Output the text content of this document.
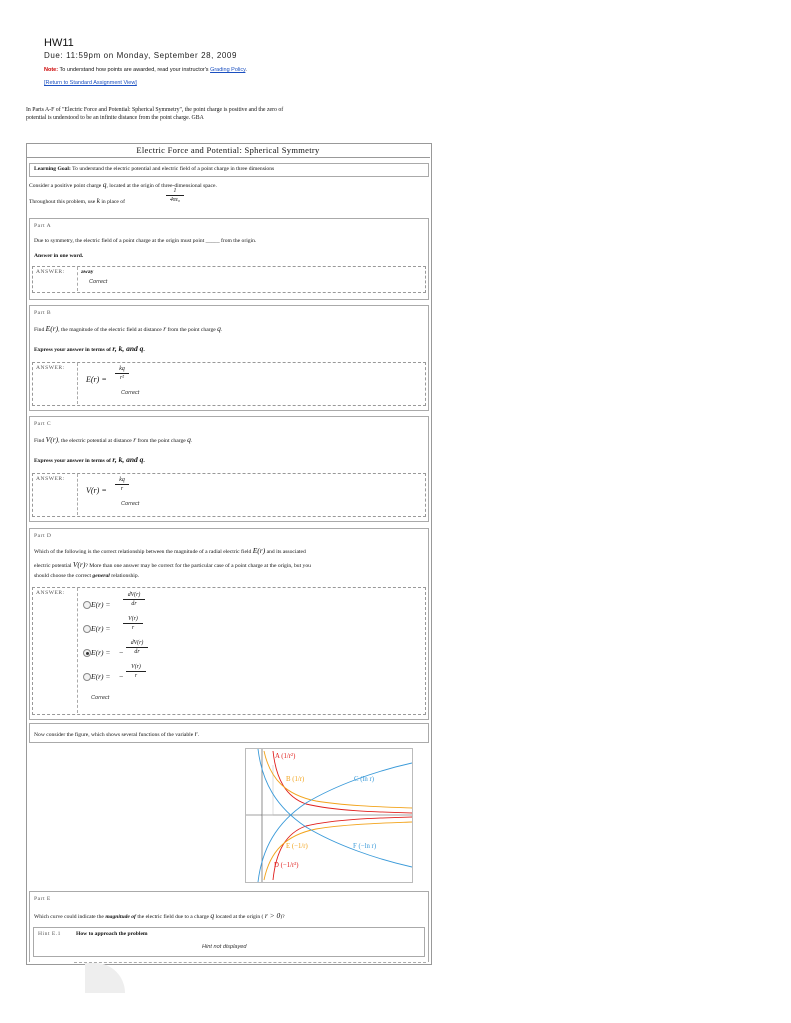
HW11
Due: 11:59pm on Monday, September 28, 2009
Note: To understand how points are awarded, read your instructor's Grading Policy.
[Return to Standard Assignment View]
In Parts A-F of "Electric Force and Potential: Spherical Symmetry", the point charge is positive and the zero of potential is understood to be an infinite distance from the point charge. GBA
Electric Force and Potential: Spherical Symmetry
Learning Goal: To understand the electric potential and electric field of a point charge in three dimensions
Consider a positive point charge q, located at the origin of three-dimensional space.
Throughout this problem, use k in place of
1
4πε₀
Part A
Due to symmetry, the electric field of a point charge at the origin must point _____ from the origin.
Answer in one word.
ANSWER:	away
Correct
Part B
Find E(r), the magnitude of the electric field at distance r from the point charge q.
Express your answer in terms of r, k, and q.
ANSWER:
E(r) =
kq
r²
Correct
Part C
Find V(r), the electric potential at distance r from the point charge q.
Express your answer in terms of r, k, and q.
ANSWER:
V(r) =
kq
r
Correct
Part D
Which of the following is the correct relationship between the magnitude of a radial electric field E(r) and its associated
electric potential V(r)? More than one answer may be correct for the particular case of a point charge at the origin, but you
should choose the correct general relationship.
ANSWER:
E(r) =
dV(r)
dr
E(r) =
V(r)
r
E(r) = −
dV(r)
dr
E(r) = −
V(r)
r
Correct
Now consider the figure, which shows several functions of the variable r.
A (1/r²)
B (1/r)	C (ln r)
D (−1/r²)
E (−1/r)	F (−ln r)
Part E
Which curve could indicate the magnitude of the electric field due to a charge q located at the origin ( r > 0)?
Hint E.1	How to approach the problem
Hint not displayed
